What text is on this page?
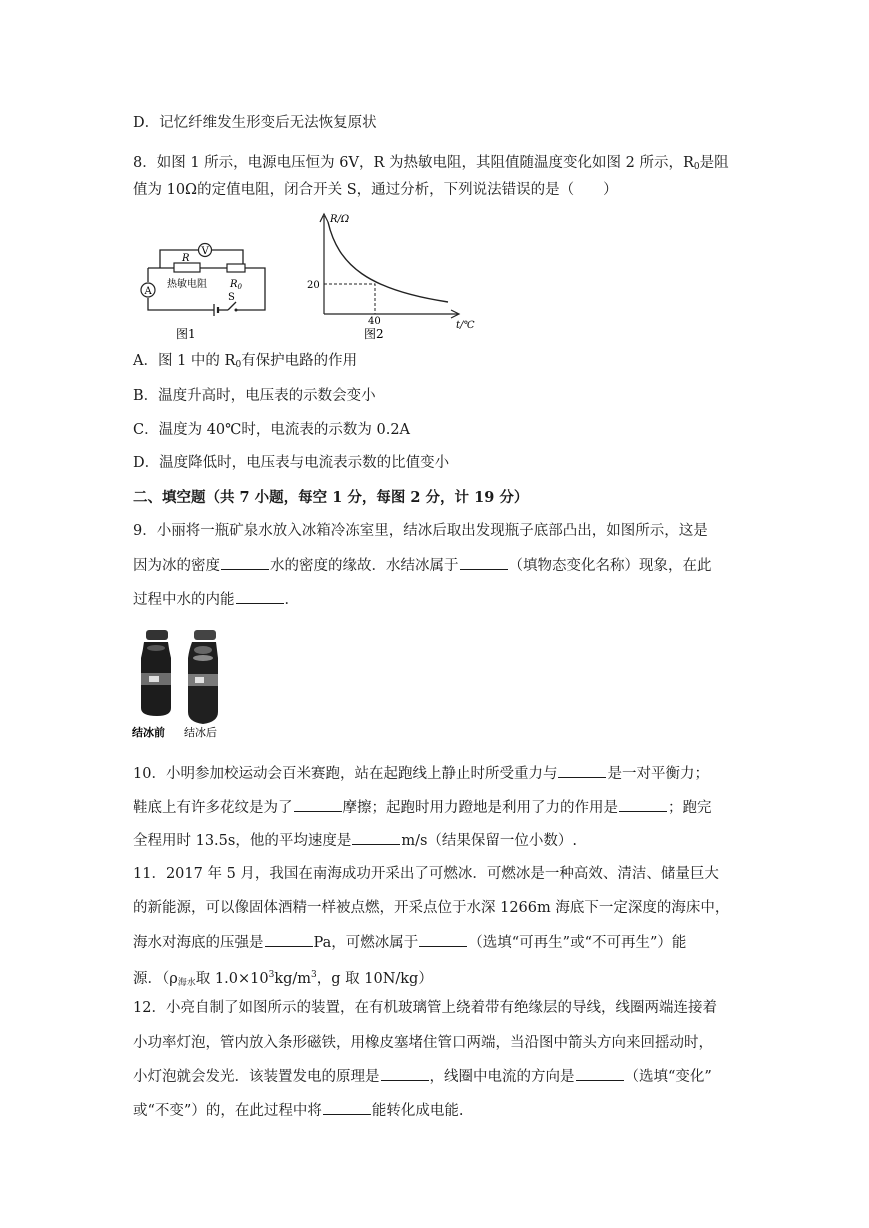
D．记忆纤维发生形变后无法恢复原状
8．如图 1 所示，电源电压恒为 6V，R 为热敏电阻，其阻值随温度变化如图 2 所示，$R_0$是阻
值为 10Ω的定值电阻，闭合开关 S，通过分析，下列说法错误的是（　　）
A
V
R
热敏电阻 $R_0$
S
图1
R/Ω
20
40	t/℃
图2
A．图 1 中的 $R_0$有保护电路的作用
B．温度升高时，电压表的示数会变小
C．温度为 40℃时，电流表的示数为 0.2A
D．温度降低时，电压表与电流表示数的比值变小
二、填空题（共 7 小题，每空 1 分，每图 2 分，计 19 分）
9．小丽将一瓶矿泉水放入冰箱冷冻室里，结冰后取出发现瓶子底部凸出，如图所示，这是
因为冰的密度	水的密度的缘故．水结冰属于	（填物态变化名称）现象，在此
过程中水的内能	．
结冰前 结冰后
10．小明参加校运动会百米赛跑，站在起跑线上静止时所受重力与	是一对平衡力；
鞋底上有许多花纹是为了	摩擦；起跑时用力蹬地是利用了力的作用是	；跑完
全程用时 13.5s，他的平均速度是	m/s（结果保留一位小数）.
11．2017 年 5 月，我国在南海成功开采出了可燃冰．可燃冰是一种高效、清洁、储量巨大
的新能源，可以像固体酒精一样被点燃，开采点位于水深 1266m 海底下一定深度的海床中，
海水对海底的压强是	Pa，可燃冰属于	（选填“可再生”或“不可再生”）能
源．（$\rho_{海水}$取 $1.0\times 10^3kg/m^3$，g 取 10N/kg）
12．小亮自制了如图所示的装置，在有机玻璃管上绕着带有绝缘层的导线，线圈两端连接着
小功率灯泡，管内放入条形磁铁，用橡皮塞堵住管口两端，当沿图中箭头方向来回摇动时，
小灯泡就会发光．该装置发电的原理是	，线圈中电流的方向是	（选填“变化”
或“不变”）的，在此过程中将	能转化成电能.
